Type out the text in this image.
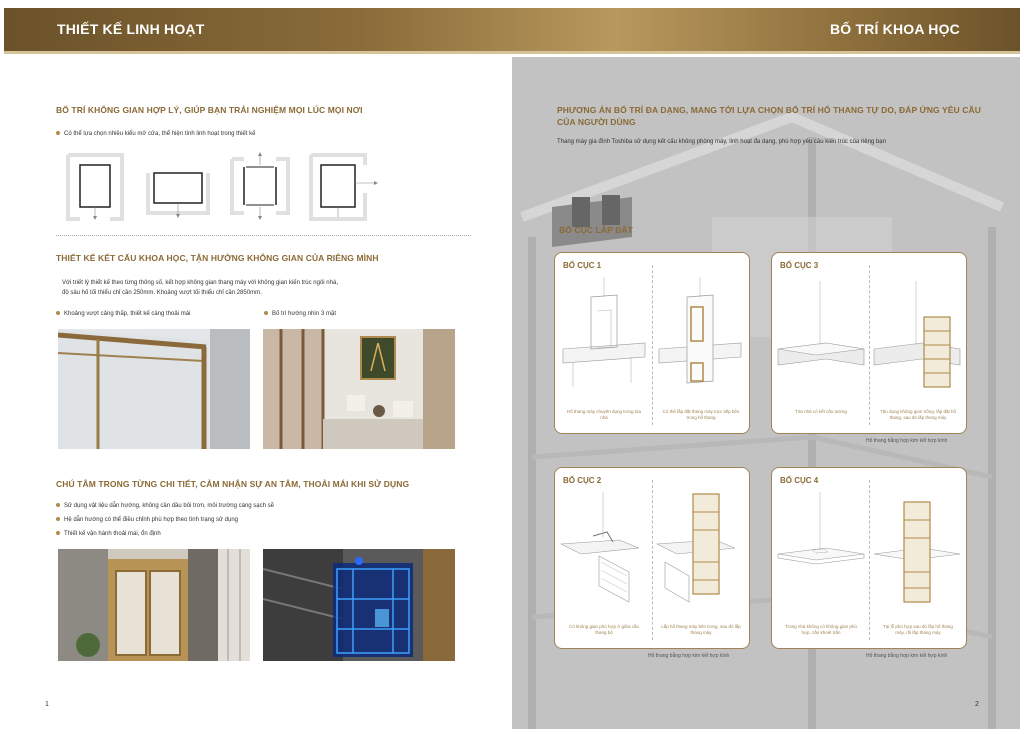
THIẾT KẾ LINH HOẠT	BỐ TRÍ KHOA HỌC
BỐ TRÍ KHÔNG GIAN HỢP LÝ, GIÚP BẠN TRẢI NGHIỆM MỌI LÚC MỌI NƠI
Có thể lựa chọn nhiều kiểu mở cửa, thể hiện tính linh hoạt trong thiết kế
THIẾT KẾ KẾT CẤU KHOA HỌC, TẬN HƯỞNG KHÔNG GIAN CỦA RIÊNG MÌNH
Với triết lý thiết kế theo từng thông số, kết hợp không gian thang máy với không gian kiến trúc ngôi nhà,
độ sâu hố tối thiểu chỉ cần 250mm. Khoảng vượt tối thiểu chỉ cần 2850mm.
Khoảng vượt cảng thấp, thiết kế càng thoải mái	Bố trí hướng nhìn 3 mặt
CHÚ TÂM TRONG TỪNG CHI TIẾT, CẢM NHẬN SỰ AN TÂM, THOẢI MÁI KHI SỬ DỤNG
Sử dụng vật liệu dẫn hướng, không cần dầu bôi trơn, môi trường càng sạch sẽ
Hệ dẫn hướng có thể điều chỉnh phù hợp theo tình trạng sử dụng
Thiết kế vận hành thoải mái, ổn định
1
PHƯƠNG ÁN BỐ TRÍ ĐA DẠNG, MANG TỚI LỰA CHỌN BỐ TRÍ HỐ THANG TỰ DO, ĐÁP ỨNG YÊU CẦU
CỦA NGƯỜI DÙNG
Thang máy gia đình Toshiba sử dụng kết cấu không phòng máy, linh hoạt đa dạng, phù hợp yêu cầu kiến trúc của riêng bạn
BỐ CỤC LẮP ĐẶT
BỐ CỤC 1
Hố thang máy chuyên dụng trong tòa nhà
Có thể lắp đặt thang máy trực tiếp bên trong hố thang
BỐ CỤC 3
Tòa nhà có kết cấu tường	Tận dụng không gian trống, lắp đặt hố thang, sau đó lắp thang máy
Hố thang bằng hợp kim kết hợp kính
BỐ CỤC 2
Có không gian phù hợp ở giữa cầu thang bộ
Lắp hố thang máy bên trong, sau đó lắp thang máy
Hố thang bằng hợp kim kết hợp kính
BỐ CỤC 4
Trong nhà không có không gian phù hợp, cần khoét trần
Tại lỗ phù hợp sau đó lắp hố thang máy, rồi lắp thang máy
Hố thang bằng hợp kim kết hợp kính
2
